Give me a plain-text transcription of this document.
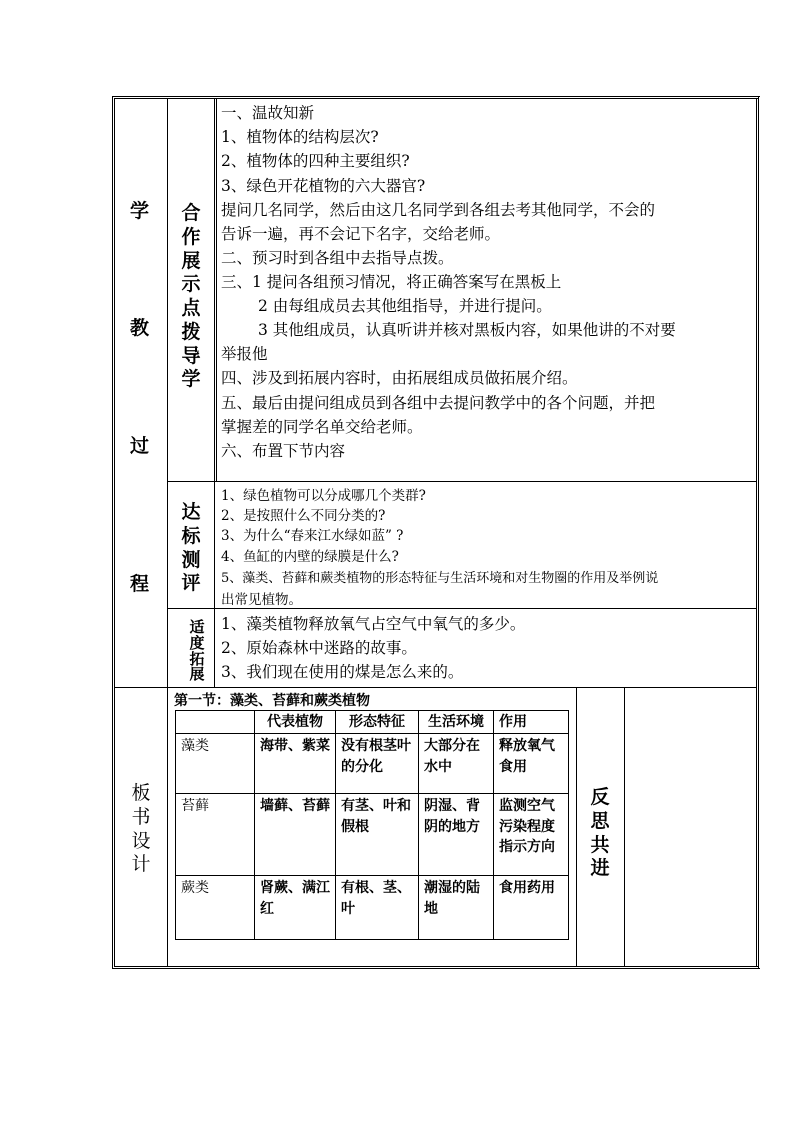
学
教
过
程
合
作
展
示
点
拨
导
学
一、温故知新
1、植物体的结构层次?
2、植物体的四种主要组织?
3、绿色开花植物的六大器官?
提问几名同学，然后由这几名同学到各组去考其他同学，不会的
告诉一遍，再不会记下名字，交给老师。
二、预习时到各组中去指导点拨。
三、1 提问各组预习情况，将正确答案写在黑板上
2 由每组成员去其他组指导，并进行提问。
3 其他组成员，认真听讲并核对黑板内容，如果他讲的不对要
举报他
四、涉及到拓展内容时，由拓展组成员做拓展介绍。
五、最后由提问组成员到各组中去提问教学中的各个问题，并把
掌握差的同学名单交给老师。
六、布置下节内容
达
标
测
评
1、绿色植物可以分成哪几个类群?
2、是按照什么不同分类的?
3、为什么“春来江水绿如蓝” ?
4、鱼缸的内壁的绿膜是什么?
5、藻类、苔藓和蕨类植物的形态特征与生活环境和对生物圈的作用及举例说
出常见植物。
适
度
拓
展
1、藻类植物释放氧气占空气中氧气的多少。
2、原始森林中迷路的故事。
3、我们现在使用的煤是怎么来的。
板
书
设
计
第一节：藻类、苔藓和蕨类植物
	代表植物	形态特征	生活环境	作用
藻类	海带、紫菜	没有根茎叶的分化	大部分在水中	释放氧气食用
苔藓	墙藓、苔藓	有茎、叶和假根	阴湿、背阴的地方	监测空气污染程度指示方向
蕨类	肾蕨、满江红	有根、茎、叶	潮湿的陆地	食用药用
反
思
共
进
